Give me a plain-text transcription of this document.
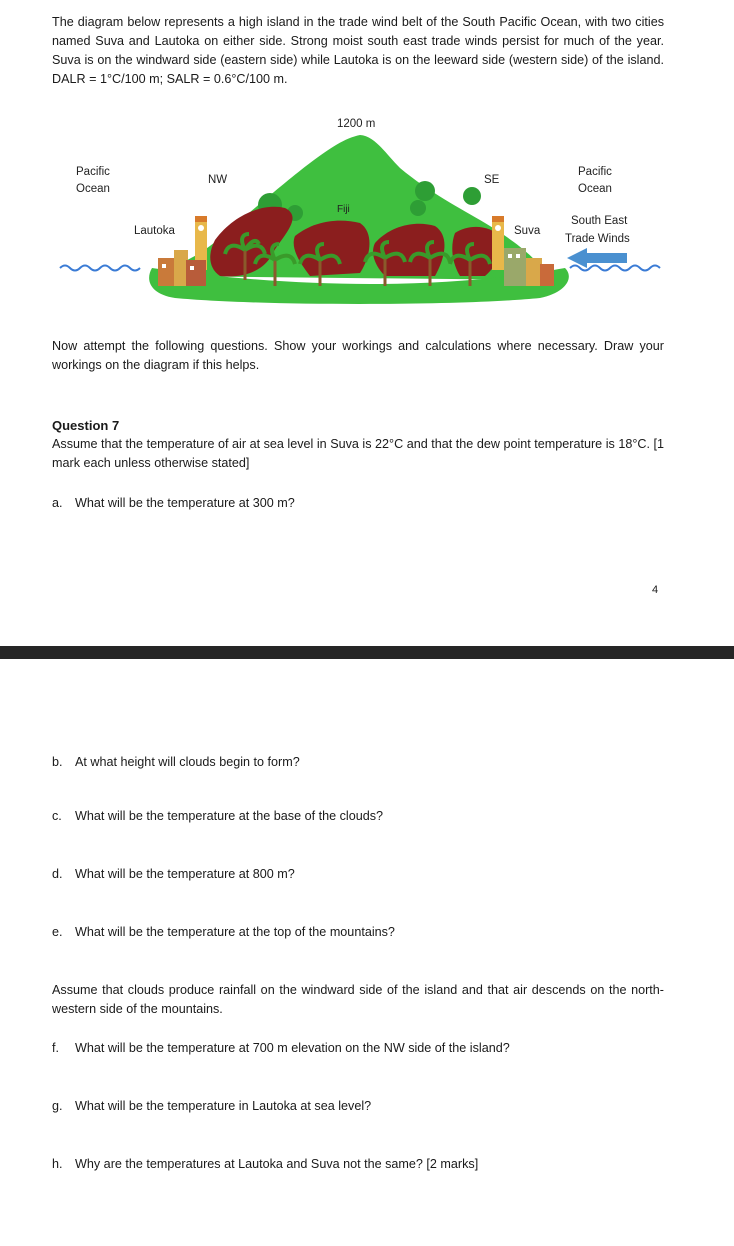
The diagram below represents a high island in the trade wind belt of the South Pacific Ocean, with two cities named Suva and Lautoka on either side. Strong moist south east trade winds persist for much of the year. Suva is on the windward side (eastern side) while Lautoka is on the leeward side (western side) of the island. DALR = 1°C/100 m; SALR = 0.6°C/100 m.
1200 m
Pacific
Ocean
Pacific
Ocean
NW	SE
Fiji
Lautoka	Suva
South East
Trade Winds
Now attempt the following questions. Show your workings and calculations where necessary. Draw your workings on the diagram if this helps.
Question 7
Assume that the temperature of air at sea level in Suva is 22°C and that the dew point temperature is 18°C. [1 mark each unless otherwise stated]
a. What will be the temperature at 300 m?
4
b. At what height will clouds begin to form?
c. What will be the temperature at the base of the clouds?
d. What will be the temperature at 800 m?
e. What will be the temperature at the top of the mountains?
Assume that clouds produce rainfall on the windward side of the island and that air descends on the north-western side of the mountains.
f. What will be the temperature at 700 m elevation on the NW side of the island?
g. What will be the temperature in Lautoka at sea level?
h. Why are the temperatures at Lautoka and Suva not the same? [2 marks]
